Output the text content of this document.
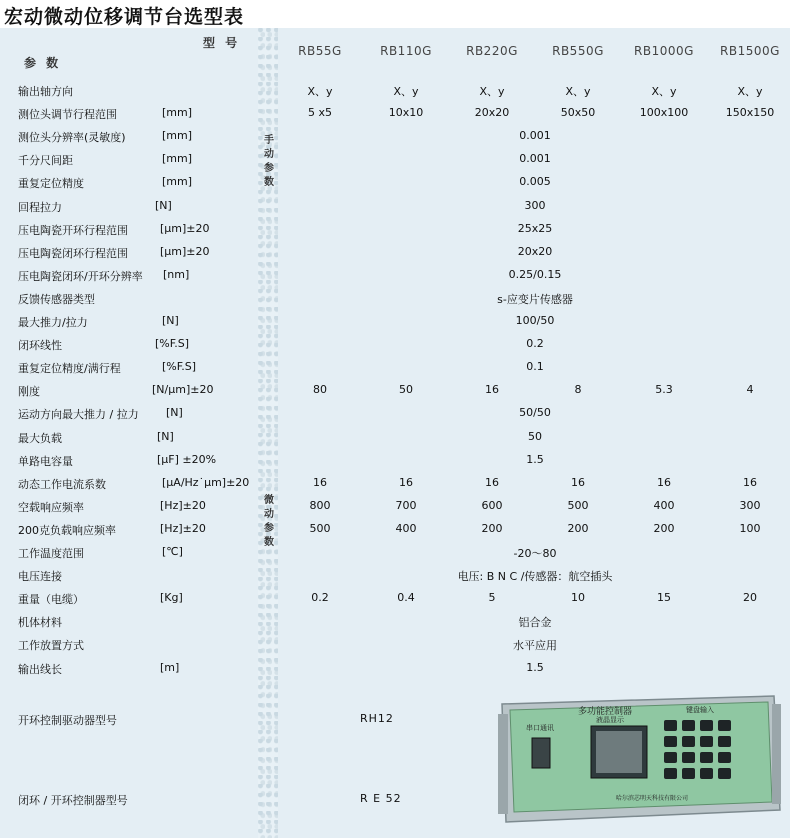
宏动微动位移调节台选型表
型 号
参 数
RB55G	RB110G	RB220G	RB550G	RB1000G	RB1500G
输出轴方向	X、y	X、y	X、y	X、y	X、y	X、y
测位头调节行程范围	[mm]	5 x5	10x10	20x20	50x50	100x100	150x150
测位头分辨率(灵敏度)	[mm]	0.001
千分尺间距	[mm]	0.001
重复定位精度	[mm]	0.005
回程拉力	[N]	300
压电陶瓷开环行程范围	[μm]±20	25x25
压电陶瓷闭环行程范围	[μm]±20	20x20
压电陶瓷闭环/开环分辨率 [nm]	0.25/0.15
反馈传感器类型	s-应变片传感器
最大推力/拉力	[N]	100/50
闭环线性	[%F.S]	0.2
重复定位精度/满行程	[%F.S]	0.1
刚度	[N/μm]±20	80	50	16	8	5.3	4
运动方向最大推力 / 拉力 [N]	50/50
最大负载	[N]	50
单路电容量	[μF] ±20%	1.5
动态工作电流系数	[μA/Hz˙μm]±20	16	16	16	16	16	16
空载响应频率	[Hz]±20	800	700	600	500	400	300
200克负载响应频率	[Hz]±20	500	400	200	200	200	100
工作温度范围	[℃]	-20～80
电压连接	电压: B N C /传感器：航空插头
重量（电缆）	[Kg]	0.2	0.4	5	10	15	20
机体材料	铝合金
工作放置方式	水平应用
输出线长	[m]	1.5
手
动
参
数
微
动
参
数
开环控制驱动器型号	RH12
闭环 / 开环控制器型号	R E 52
多功能控制器
液晶显示
键盘输入
串口通讯
哈尔滨芯明天科技有限公司
